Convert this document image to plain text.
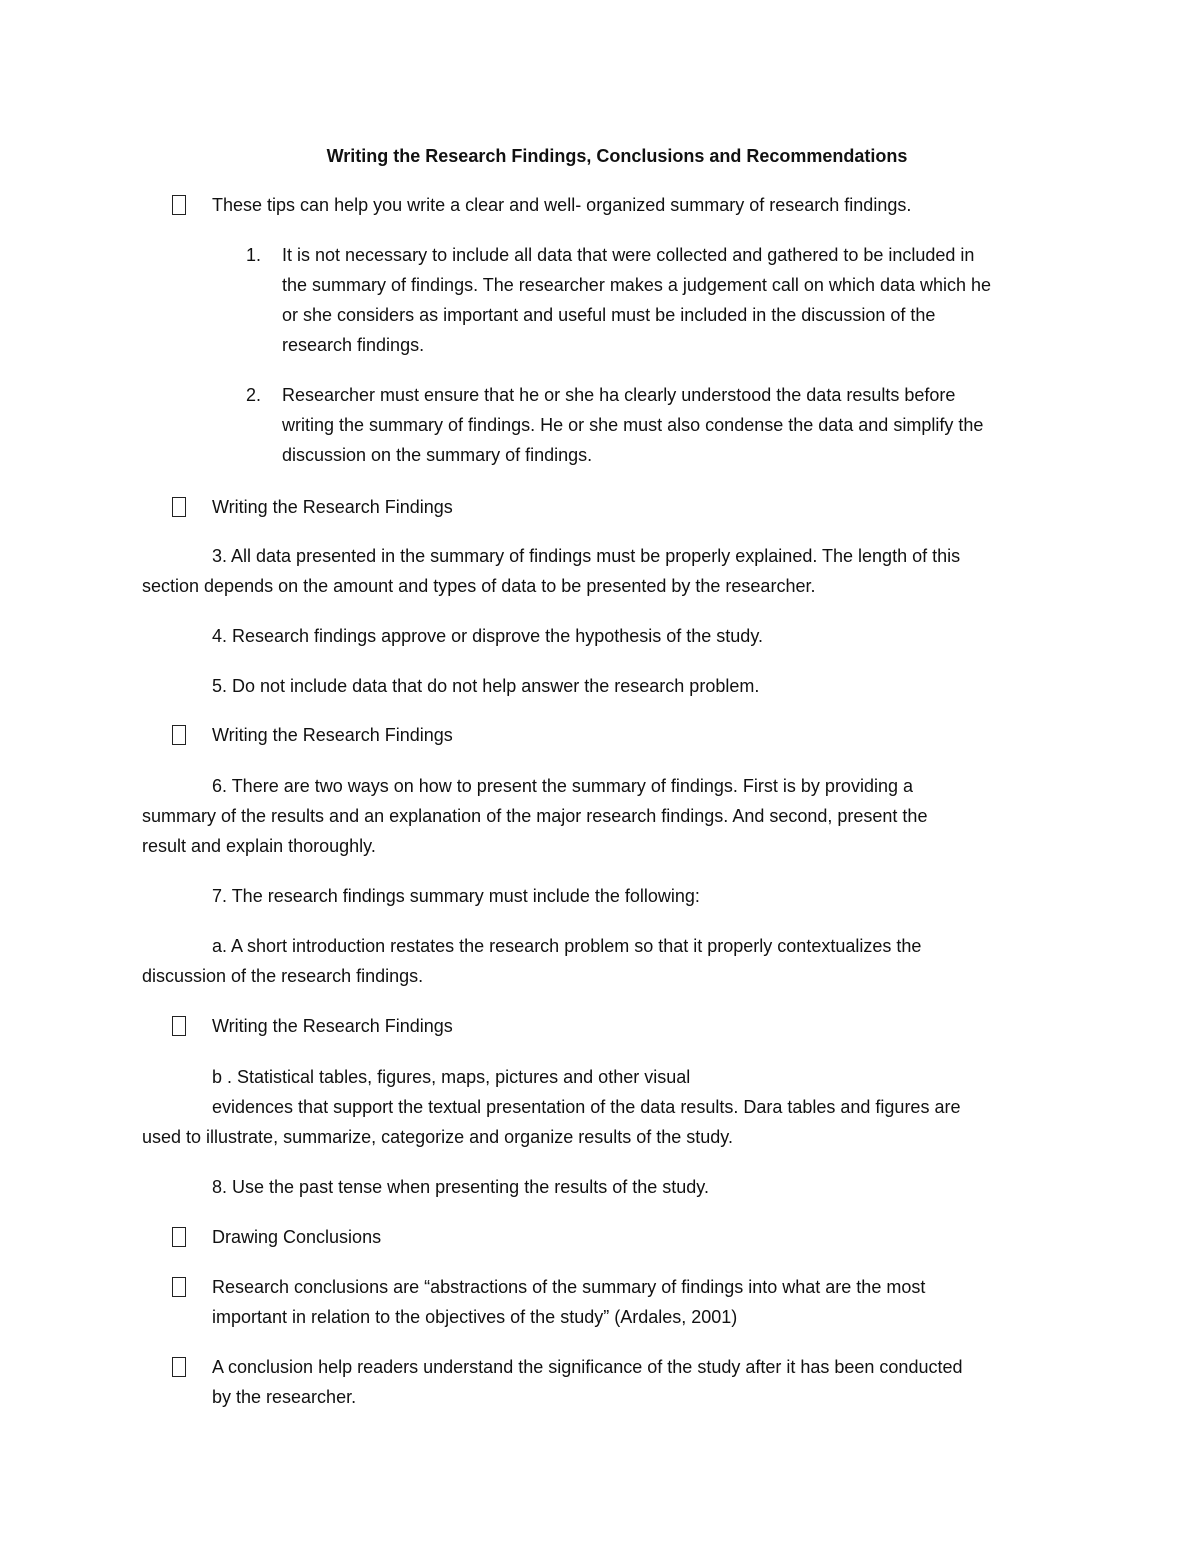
Writing the Research Findings, Conclusions and Recommendations
These tips can help you write a clear and well- organized summary of research findings.
1. It is not necessary to include all data that were collected and gathered to be included in
the summary of findings. The researcher makes a judgement call on which data which he
or she considers as important and useful must be included in the discussion of the
research findings.
2. Researcher must ensure that he or she ha clearly understood the data results before
writing the summary of findings. He or she must also condense the data and simplify the
discussion on the summary of findings.
Writing the Research Findings
3. All data presented in the summary of findings must be properly explained. The length of this
section depends on the amount and types of data to be presented by the researcher.
4. Research findings approve or disprove the hypothesis of the study.
5. Do not include data that do not help answer the research problem.
Writing the Research Findings
6. There are two ways on how to present the summary of findings. First is by providing a
summary of the results and an explanation of the major research findings. And second, present the
result and explain thoroughly.
7. The research findings summary must include the following:
a. A short introduction restates the research problem so that it properly contextualizes the
discussion of the research findings.
Writing the Research Findings
b . Statistical tables, figures, maps, pictures and other visual
evidences that support the textual presentation of the data results. Dara tables and figures are
used to illustrate, summarize, categorize and organize results of the study.
8. Use the past tense when presenting the results of the study.
Drawing Conclusions
Research conclusions are “abstractions of the summary of findings into what are the most
important in relation to the objectives of the study” (Ardales, 2001)
A conclusion help readers understand the significance of the study after it has been conducted
by the researcher.
